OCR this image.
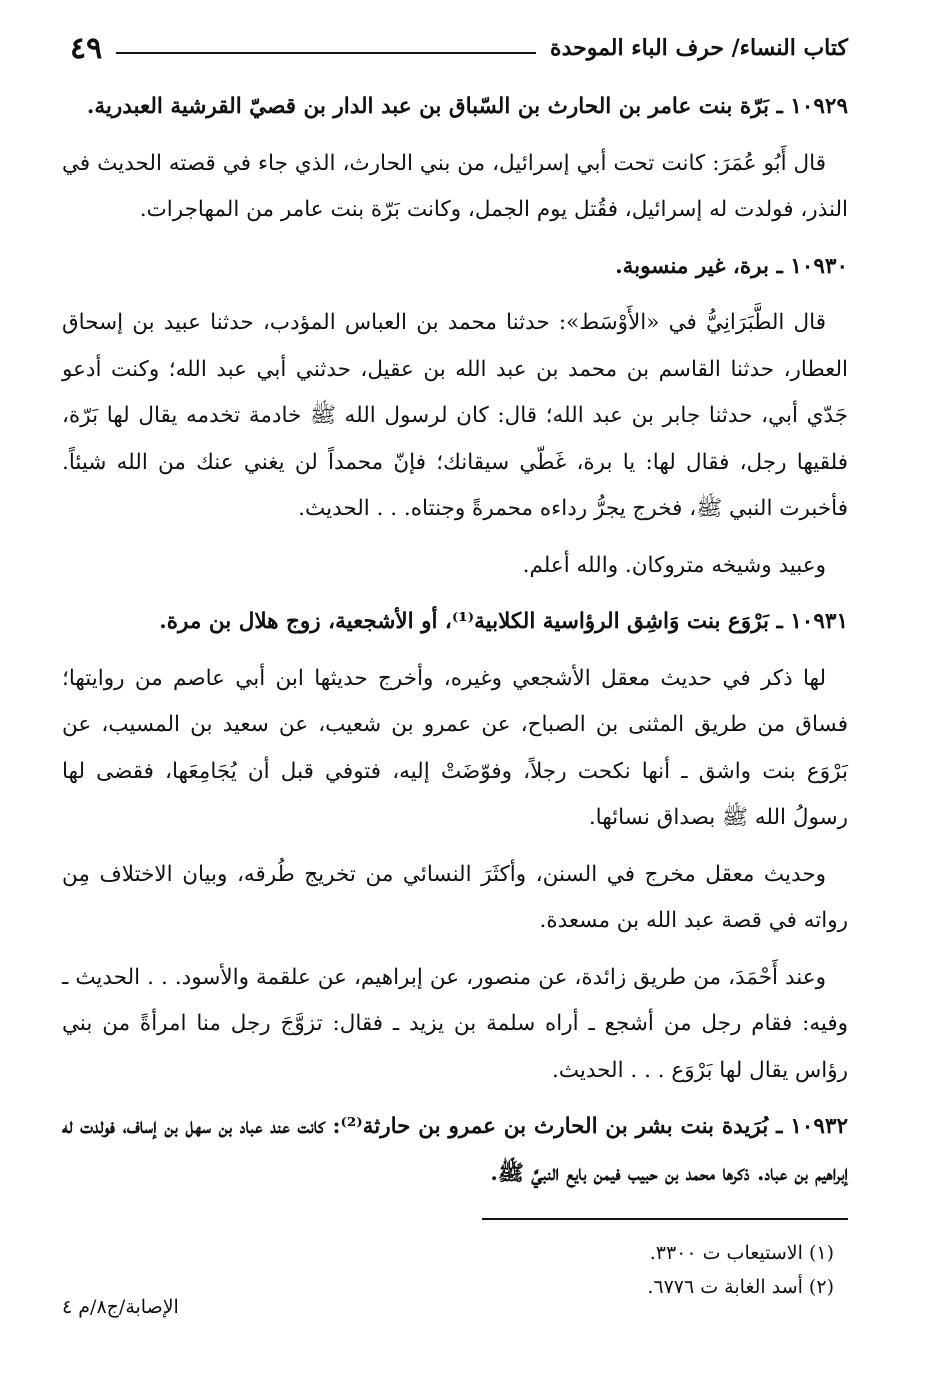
كتاب النساء/ حرف الباء الموحدة
٤٩

١٠٩٢٩ ـ بَرّة بنت عامر بن الحارث بن السّباق بن عبد الدار بن قصيّ القرشية العبدرية.

قال أَبُو عُمَرَ: كانت تحت أبي إسرائيل، من بني الحارث، الذي جاء في قصته الحديث في النذر، فولدت له إسرائيل، فقُتل يوم الجمل، وكانت بَرّة بنت عامر من المهاجرات.

١٠٩٣٠ ـ برة، غير منسوبة.

قال الطَّبَرَانِيُّ في «الأَوْسَط»: حدثنا محمد بن العباس المؤدب، حدثنا عبيد بن إسحاق العطار، حدثنا القاسم بن محمد بن عبد الله بن عقيل، حدثني أبي عبد الله؛ وكنت أدعو جَدّي أبي، حدثنا جابر بن عبد الله؛ قال: كان لرسول الله ﷺ خادمة تخدمه يقال لها بَرّة، فلقيها رجل، فقال لها: يا برة، غَطّي سيقانك؛ فإنّ محمداً لن يغني عنك من الله شيئاً. فأخبرت النبي ﷺ، فخرج يجرُّ رداءه محمرةً وجنتاه. . . الحديث.

وعبيد وشيخه متروكان. والله أعلم.

١٠٩٣١ ـ بَرْوَع بنت وَاشِق الرؤاسية الكلابية⁽¹⁾، أو الأشجعية، زوج هلال بن مرة.

لها ذكر في حديث معقل الأشجعي وغيره، وأخرج حديثها ابن أبي عاصم من روايتها؛ فساق من طريق المثنى بن الصباح، عن عمرو بن شعيب، عن سعيد بن المسيب، عن بَرْوَع بنت واشق ـ أنها نكحت رجلاً، وفوّضَتْ إليه، فتوفي قبل أن يُجَامِعَها، فقضى لها رسولُ الله ﷺ بصداق نسائها.

وحديث معقل مخرج في السنن، وأكثَرَ النسائي من تخريج طُرقه، وبيان الاختلاف مِن رواته في قصة عبد الله بن مسعدة.

وعند أَحْمَدَ، من طريق زائدة، عن منصور، عن إبراهيم، عن علقمة والأسود. . . الحديث ـ وفيه: فقام رجل من أشجع ـ أراه سلمة بن يزيد ـ فقال: تزوَّجَ رجل منا امرأةً من بني رؤاس يقال لها بَرْوَع . . . الحديث.

١٠٩٣٢ ـ بُرَيدة بنت بشر بن الحارث بن عمرو بن حارثة⁽²⁾: كانت عند عباد بن سهل بن إساف، فولدت له إبراهيم بن عباد. ذكرها محمد بن حبيب فيمن بايع النبيَّ ﷺ.

(١) الاستيعاب ت ٣٣٠٠.
(٢) أسد الغابة ت ٦٧٧٦.
الإصابة/ج٨/م ٤
